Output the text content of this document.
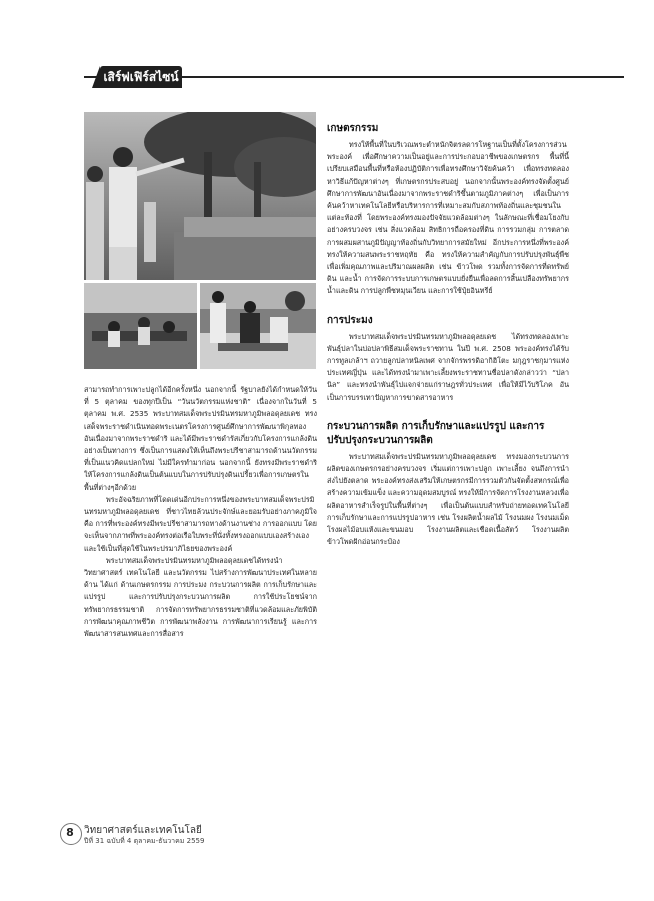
เสิร์ฟเฟิร์สไซน์

สามารถทำการเพาะปลูกได้อีกครั้งหนึ่ง นอกจากนี้ รัฐบาลยังได้กำหนดให้วันที่ 5 ตุลาคม ของทุกปีเป็น “วันนวัตกรรมแห่งชาติ” เนื่องจากในวันที่ 5 ตุลาคม พ.ศ. 2535 พระบาทสมเด็จพระปรมินทรมหาภูมิพลอดุลยเดช ทรงเสด็จพระราชดำเนินทอดพระเนตรโครงการศูนย์ศึกษาการพัฒนาพิกุลทอง อันเนื่องมาจากพระราชดำริ และได้มีพระราชดำรัสเกี่ยวกับโครงการแกล้งดินอย่างเป็นทางการ ซึ่งเป็นการแสดงให้เห็นถึงพระปรีชาสามารถด้านนวัตกรรมที่เป็นแนวคิดแปลกใหม่ ไม่มีใครทำมาก่อน นอกจากนี้ ยังทรงมีพระราชดำริให้โครงการแกล้งดินเป็นต้นแบบในการปรับปรุงดินเปรี้ยวเพื่อการเกษตรในพื้นที่ต่างๆอีกด้วย

พระอัจฉริยภาพที่โดดเด่นอีกประการหนึ่งของพระบาทสมเด็จพระปรมินทรมหาภูมิพลอดุลยเดช ที่ชาวไทยล้วนประจักษ์และยอมรับอย่างภาคภูมิใจ คือ การที่พระองค์ทรงมีพระปรีชาสามารถทางด้านงานช่าง การออกแบบ โดยจะเห็นจากภาพที่พระองค์ทรงต่อเรือใบพระที่นั่งทั้งทรงออกแบบเองสร้างเองและใช้เป็นที่สุดใช้ในพระปรมาภิไธยของพระองค์

พระบาทสมเด็จพระปรมินทรมหาภูมิพลอดุลยเดชได้ทรงนำวิทยาศาสตร์ เทคโนโลยี และนวัตกรรม ไปสร้างการพัฒนาประเทศในหลายด้าน ได้แก่ ด้านเกษตรกรรม การประมง กระบวนการผลิต การเก็บรักษาและแปรรูป และการปรับปรุงกระบวนการผลิต การใช้ประโยชน์จากทรัพยากรธรรมชาติ การจัดการทรัพยากรธรรมชาติที่แวดล้อมและภัยพิบัติ การพัฒนาคุณภาพชีวิต การพัฒนาพลังงาน การพัฒนาการเรียนรู้ และการพัฒนาสารสนเทศและการสื่อสาร

เกษตรกรรม

ทรงให้พื้นที่ในบริเวณพระตำหนักจิตรลดารโหฐานเป็นที่ตั้งโครงการส่วนพระองค์ เพื่อศึกษาความเป็นอยู่และการประกอบอาชีพของเกษตรกร พื้นที่นี้เปรียบเสมือนพื้นที่หรือห้องปฏิบัติการเพื่อทรงศึกษาวิจัยค้นคว้า เพื่อทรงทดลองหาวิธีแก้ปัญหาต่างๆ ที่เกษตรกรประสบอยู่ นอกจากนั้นพระองค์ทรงจัดตั้งศูนย์ศึกษาการพัฒนาอันเนื่องมาจากพระราชดำริขึ้นตามภูมิภาคต่างๆ เพื่อเป็นการค้นคว้าหาเทคโนโลยีหรือบริหารการที่เหมาะสมกับสภาพท้องถิ่นและชุมชนในแต่ละท้องที่ โดยพระองค์ทรงมองปัจจัยแวดล้อมต่างๆ ในลักษณะที่เชื่อมโยงกับอย่างครบวงจร เช่น สิ่งแวดล้อม สิทธิการถือครองที่ดิน การรวมกลุ่ม การตลาด การผสมผสานภูมิปัญญาท้องถิ่นกับวิทยาการสมัยใหม่ อีกประการหนึ่งที่พระองค์ทรงให้ความสนพระราชหฤทัย คือ ทรงให้ความสำคัญกับการปรับปรุงพันธุ์พืชเพื่อเพิ่มคุณภาพและปริมาณผลผลิต เช่น ข้าวโพด รวมทั้งการจัดการที่ดทรัพย์ ดิน และน้ำ การจัดการระบบการเกษตรแบบยั่งยืนเพื่อลดการสิ้นเปลืองทรัพยากรน้ำและดิน การปลูกพืชหมุนเวียน และการใช้ปุ๋ยอินทรีย์

การประมง

พระบาทสมเด็จพระปรมินทรมหาภูมิพลอดุลยเดช ได้ทรงทดลองเพาะพันธุ์ปลาในบ่อปลาพิธีสมเด็จพระราชทาน ในปี พ.ศ. 2508 พระองค์ทรงได้รับการทูลเกล้าฯ ถวายลูกปลาหนิลเพศ จากจักรพรรดิอากิฮิโตะ มกุฎราชกุมารแห่งประเทศญี่ปุ่น และได้ทรงนำมาเพาะเลี้ยงพระราชทานชื่อปลาดังกล่าวว่า “ปลานิล” และทรงนำพันธุ์ไปแจกจ่ายแก่ราษฎรทั่วประเทศ เพื่อให้มีไว้บริโภค อันเป็นการบรรเทาปัญหาการขาดสารอาหาร

กระบวนการผลิต การเก็บรักษาและแปรรูป และการปรับปรุงกระบวนการผลิต

พระบาทสมเด็จพระปรมินทรมหาภูมิพลอดุลยเดช ทรงมองกระบวนการผลิตของเกษตรกรอย่างครบวงจร เริ่มแต่การเพาะปลูก เพาะเลี้ยง จนถึงการนำส่งไปยังตลาด พระองค์ทรงส่งเสริมให้เกษตรกรมีการรวมตัวกันจัดตั้งสหกรณ์เพื่อสร้างความเข้มแข็ง และความอุดมสมบูรณ์ ทรงให้มีการจัดการโรงงานหลวงเพื่อผลิตอาหารสำเร็จรูปในพื้นที่ต่างๆ เพื่อเป็นต้นแบบสำหรับถ่ายทอดเทคโนโลยีการเก็บรักษาและการแปรรูปอาหาร เช่น โรงผลิตน้ำผลไม้ โรงนมผง โรงนมเม็ด โรงผลไม้อบแห้งและขนมอบ โรงงานผลิตและเชือดเนื้อสัตว์ โรงงานผลิตข้าวโพดฝักอ่อนกระป๋อง

8	วิทยาศาสตร์และเทคโนโลยี
ปีที่ 31 ฉบับที่ 4 ตุลาคม-ธันวาคม 2559
